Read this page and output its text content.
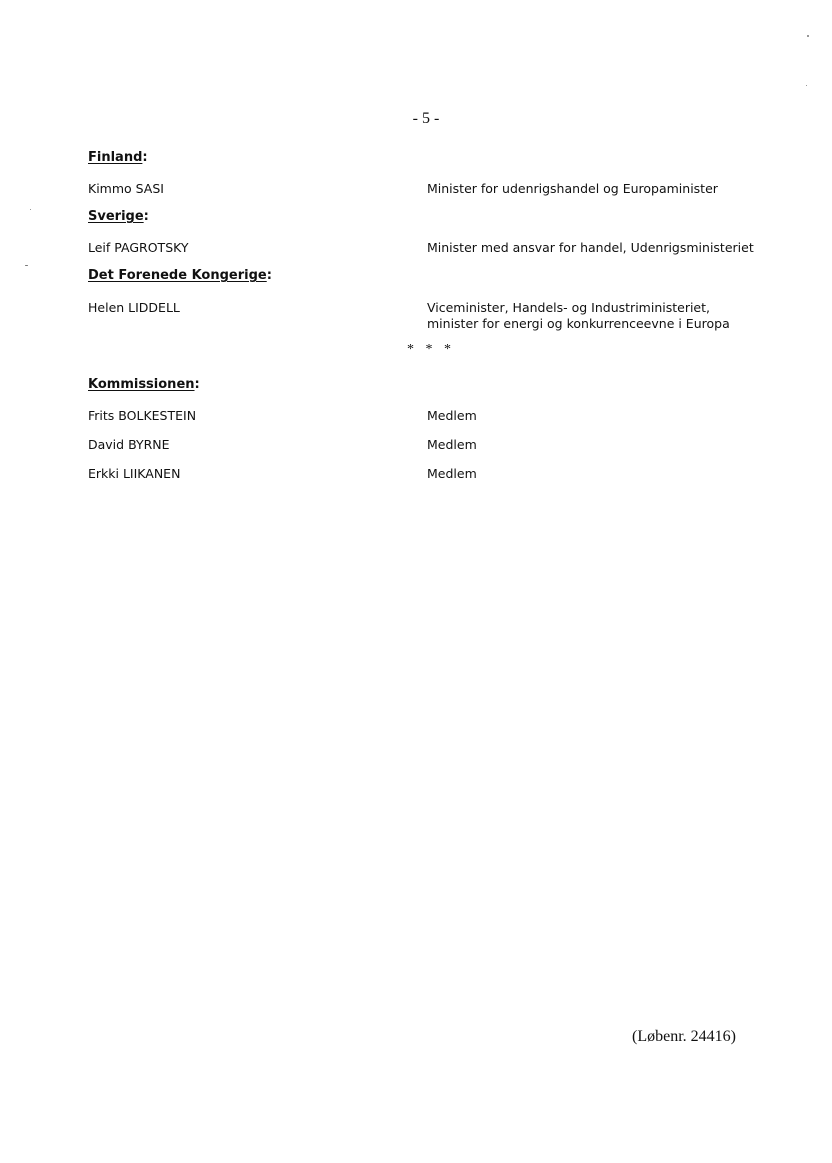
- 5 -
Finland:
Kimmo SASI	Minister for udenrigshandel og Europaminister
Sverige:
Leif PAGROTSKY	Minister med ansvar for handel, Udenrigsministeriet
Det Forenede Kongerige:
Helen LIDDELL	Viceminister, Handels- og Industriministeriet,
minister for energi og konkurrenceevne i Europa
* * *
Kommissionen:
Frits BOLKESTEIN	Medlem
David BYRNE	Medlem
Erkki LIIKANEN	Medlem
(Løbenr. 24416)
